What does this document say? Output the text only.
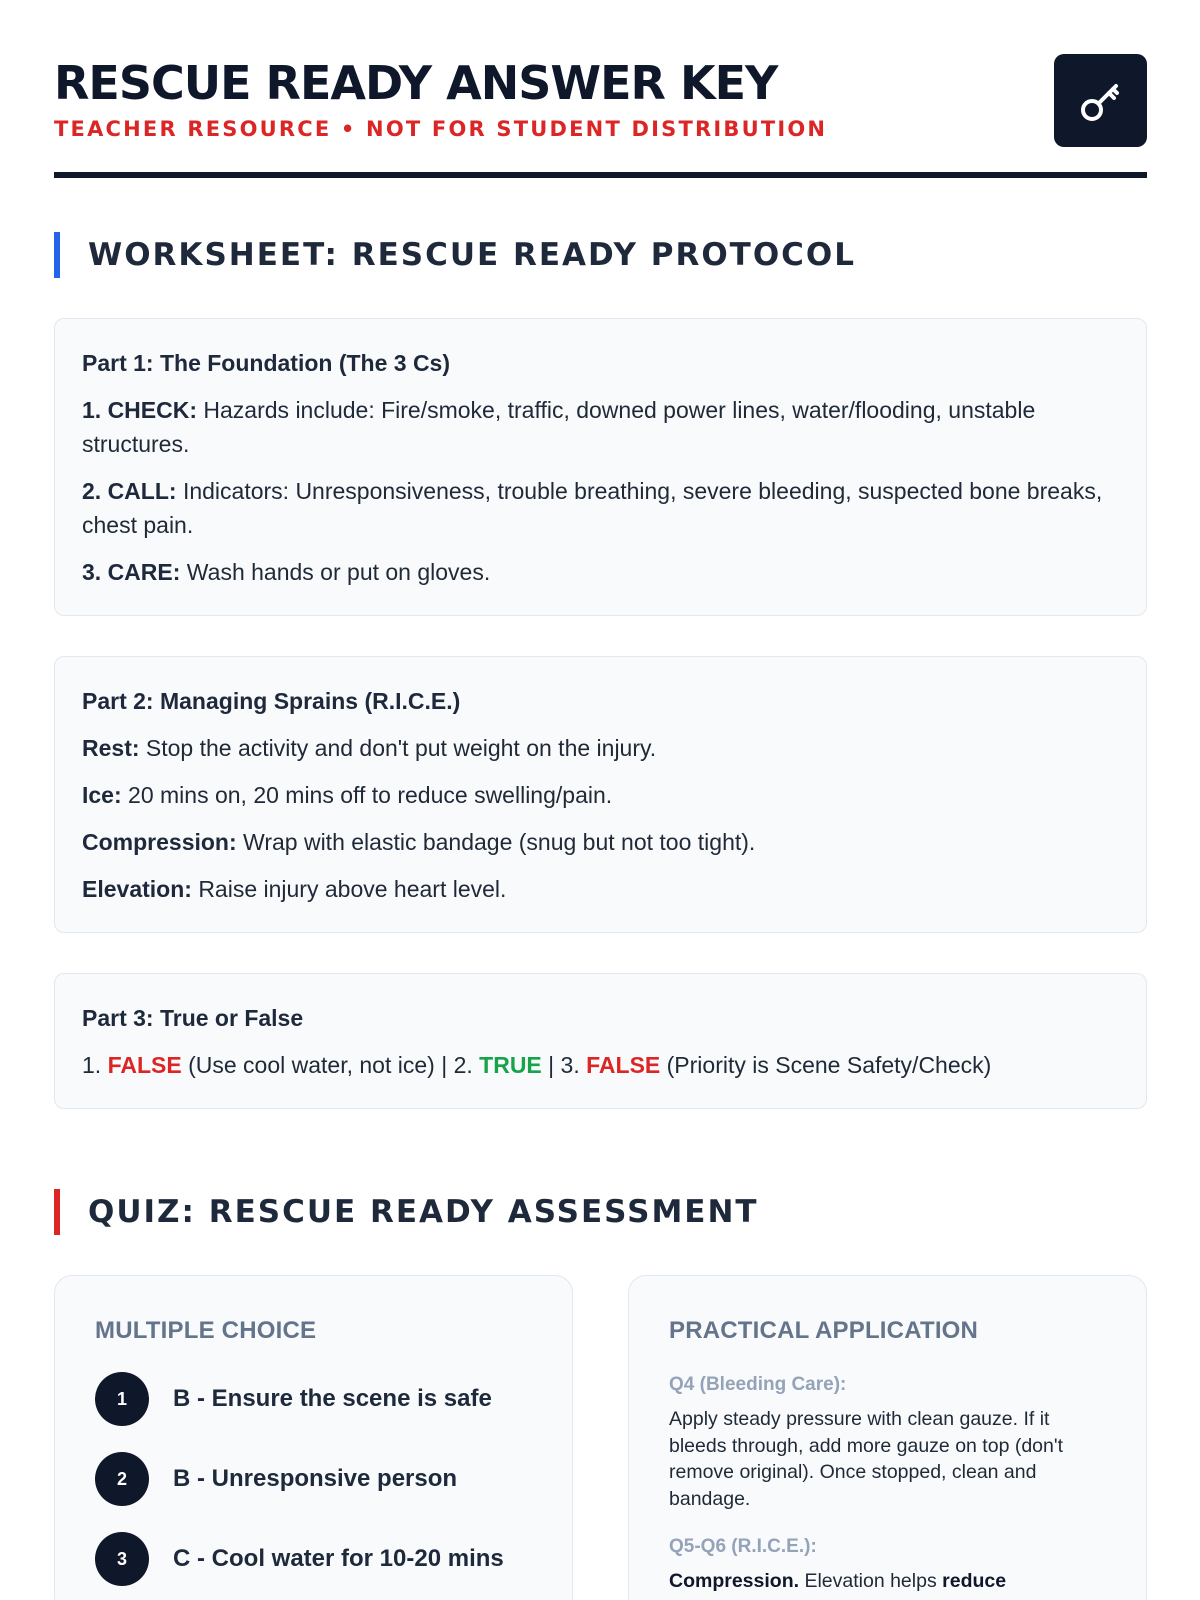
RESCUE READY ANSWER KEY
TEACHER RESOURCE • NOT FOR STUDENT DISTRIBUTION
WORKSHEET: RESCUE READY PROTOCOL

Part 1: The Foundation (The 3 Cs)

1. CHECK: Hazards include: Fire/smoke, traffic, downed power lines, water/flooding, unstable structures.

2. CALL: Indicators: Unresponsiveness, trouble breathing, severe bleeding, suspected bone breaks, chest pain.

3. CARE: Wash hands or put on gloves.

Part 2: Managing Sprains (R.I.C.E.)

Rest: Stop the activity and don't put weight on the injury.

Ice: 20 mins on, 20 mins off to reduce swelling/pain.

Compression: Wrap with elastic bandage (snug but not too tight).

Elevation: Raise injury above heart level.

Part 3: True or False

1. FALSE (Use cool water, not ice) | 2. TRUE | 3. FALSE (Priority is Scene Safety/Check)

QUIZ: RESCUE READY ASSESSMENT

MULTIPLE CHOICE

1	B - Ensure the scene is safe
2	B - Unresponsive person
3	C - Cool water for 10-20 mins

PRACTICAL APPLICATION

Q4 (Bleeding Care):

Apply steady pressure with clean gauze. If it bleeds through, add more gauze on top (don't remove original). Once stopped, clean and bandage.

Q5-Q6 (R.I.C.E.):

Compression. Elevation helps reduce
